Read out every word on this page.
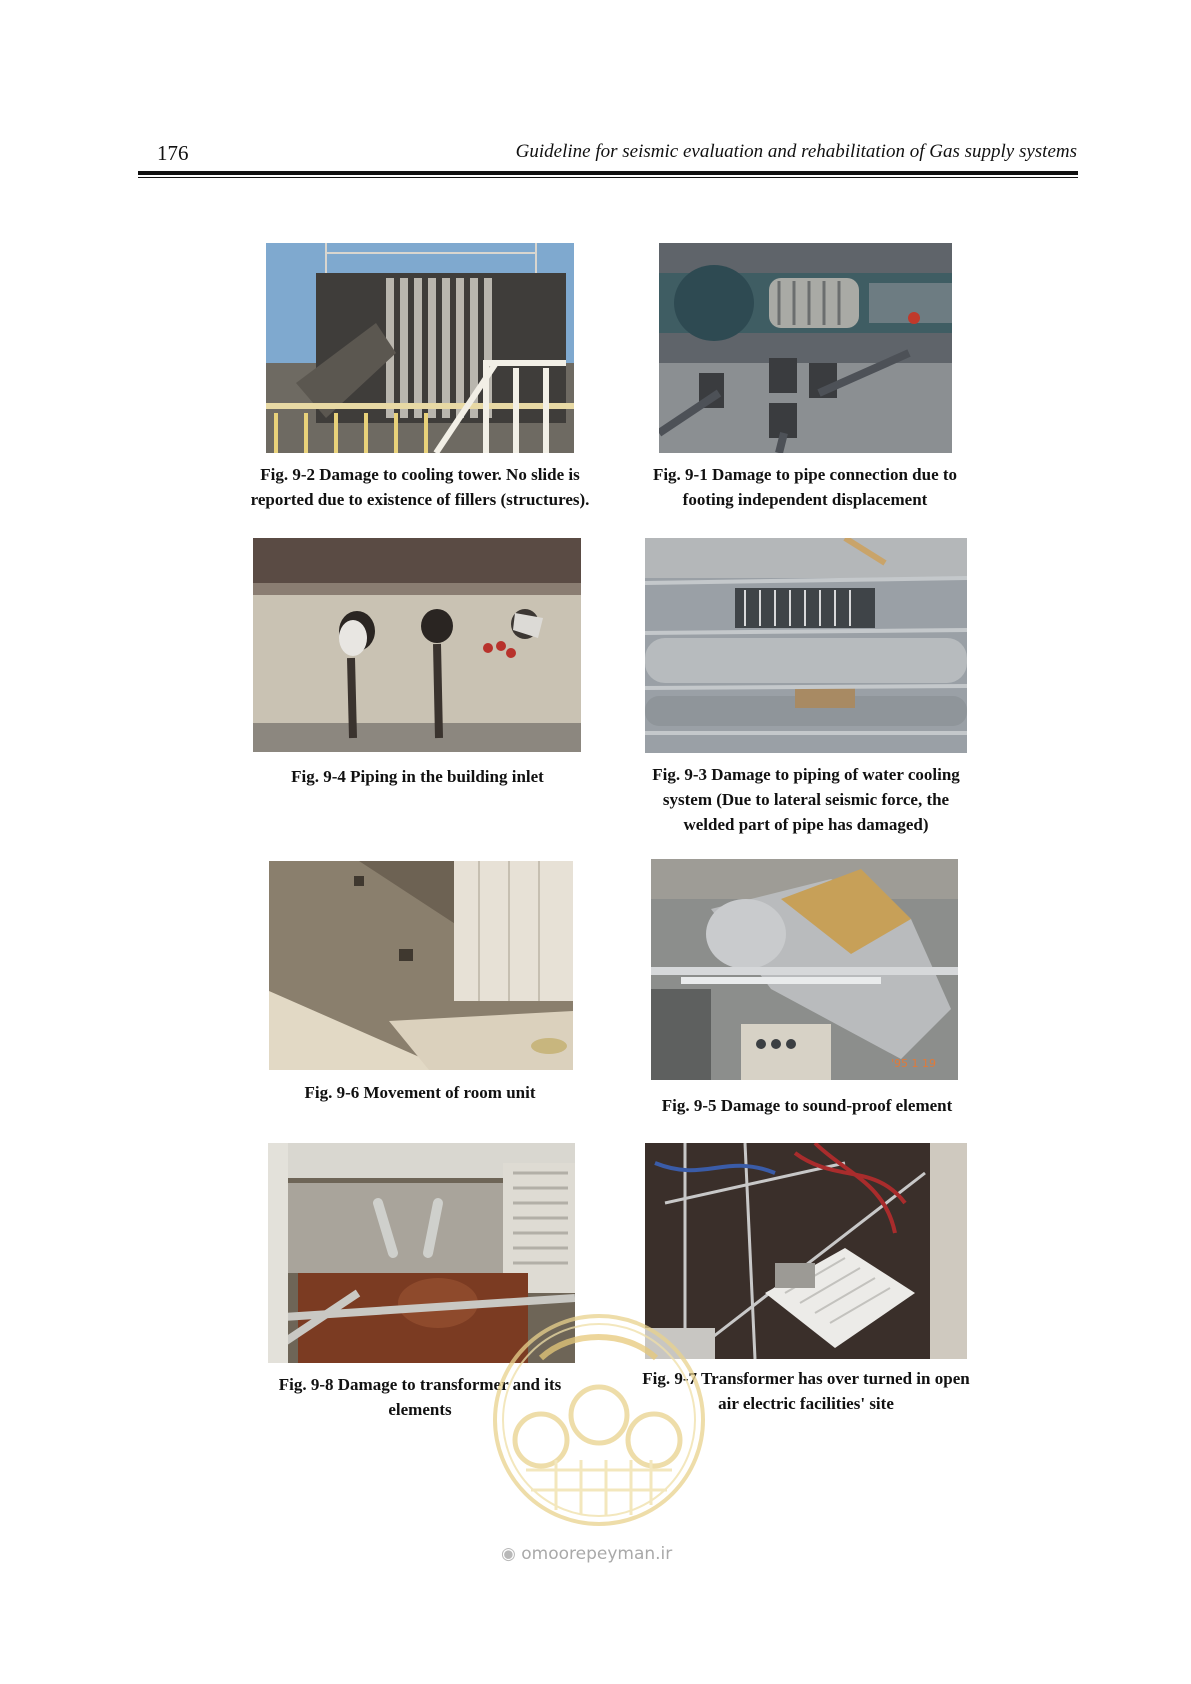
176	Guideline for seismic evaluation and rehabilitation of Gas supply systems
Fig. 9-2 Damage to cooling tower. No slide is
reported due to existence of fillers (structures).
Fig. 9-1 Damage to pipe connection due to
footing independent displacement
Fig. 9-4 Piping in the building inlet	Fig. 9-3 Damage to piping of water cooling
system (Due to lateral seismic force, the
welded part of pipe has damaged)
'95 1 19
Fig. 9-6 Movement of room unit
Fig. 9-5 Damage to sound-proof element
Fig. 9-8 Damage to transformer and its
elements
Fig. 9-7 Transformer has over turned in open
air electric facilities' site
◉ omoorepeyman.ir
